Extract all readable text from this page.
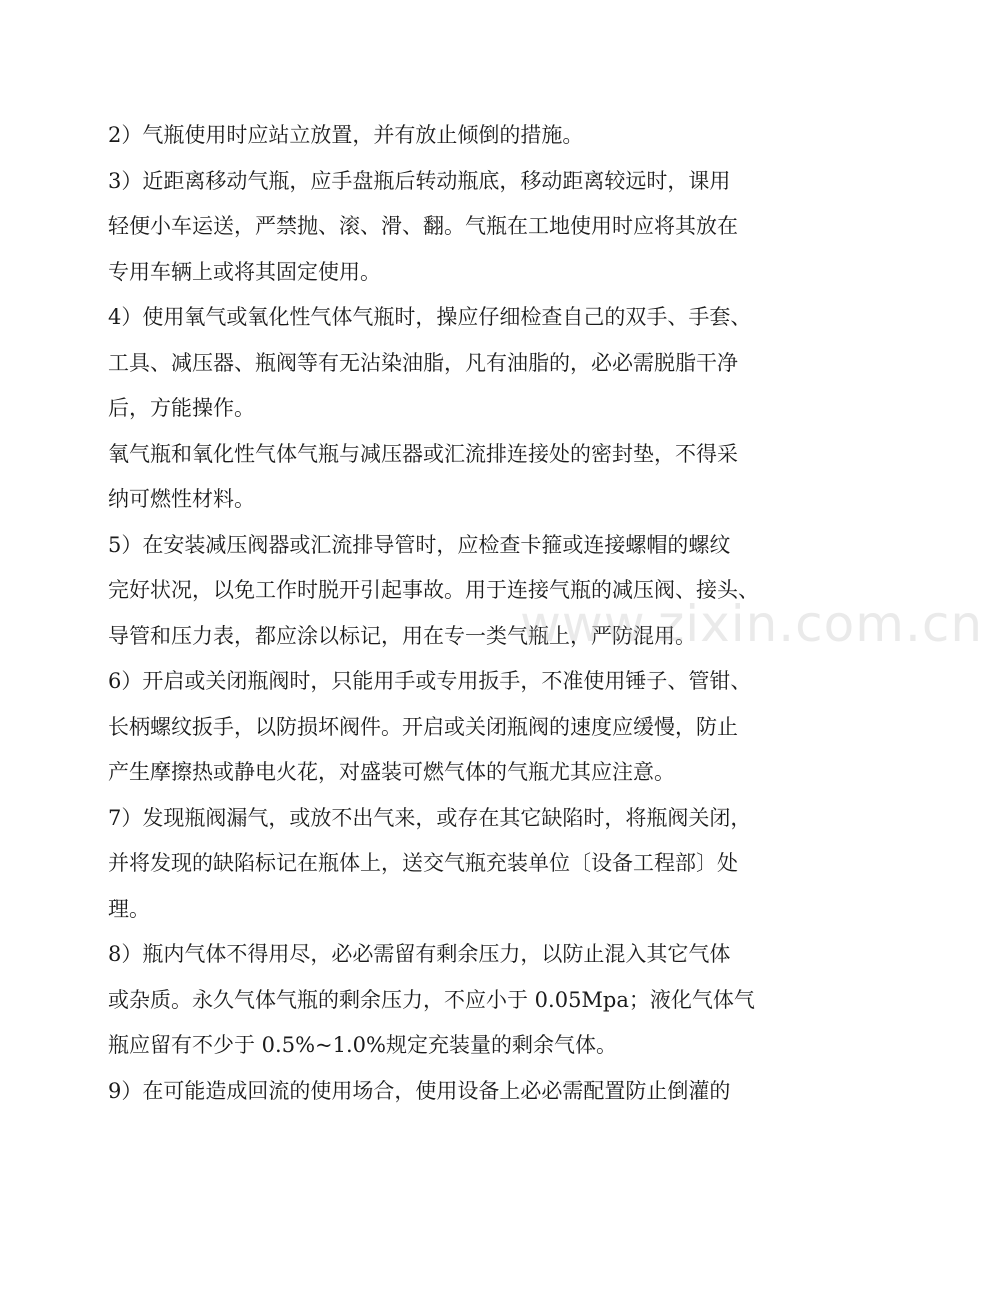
2）气瓶使用时应站立放置，并有放止倾倒的措施。

3）近距离移动气瓶，应手盘瓶后转动瓶底，移动距离较远时，课用
轻便小车运送，严禁抛、滚、滑、翻。气瓶在工地使用时应将其放在
专用车辆上或将其固定使用。

4）使用氧气或氧化性气体气瓶时，操应仔细检查自己的双手、手套、
工具、减压器、瓶阀等有无沾染油脂，凡有油脂的，必必需脱脂干净
后，方能操作。

氧气瓶和氧化性气体气瓶与减压器或汇流排连接处的密封垫，不得采
纳可燃性材料。

5）在安装减压阀器或汇流排导管时，应检查卡箍或连接螺帽的螺纹
完好状况，以免工作时脱开引起事故。用于连接气瓶的减压阀、接头、
导管和压力表，都应涂以标记，用在专一类气瓶上，严防混用。

6）开启或关闭瓶阀时，只能用手或专用扳手，不准使用锤子、管钳、
长柄螺纹扳手，以防损坏阀件。开启或关闭瓶阀的速度应缓慢，防止
产生摩擦热或静电火花，对盛装可燃气体的气瓶尤其应注意。

7）发现瓶阀漏气，或放不出气来，或存在其它缺陷时，将瓶阀关闭，
并将发现的缺陷标记在瓶体上，送交气瓶充装单位〔设备工程部〕处
理。

8）瓶内气体不得用尽，必必需留有剩余压力，以防止混入其它气体
或杂质。永久气体气瓶的剩余压力，不应小于 0.05Mpa；液化气体气
瓶应留有不少于 0.5%~1.0%规定充装量的剩余气体。

9）在可能造成回流的使用场合，使用设备上必必需配置防止倒灌的

www.zixin.com.cn
